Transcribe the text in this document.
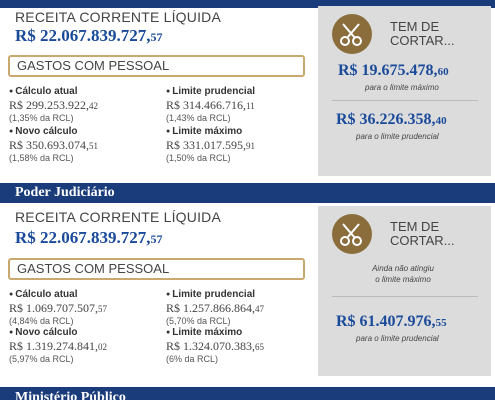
RECEITA CORRENTE LÍQUIDA
R$ 22.067.839.727,57
GASTOS COM PESSOAL
● Cálculo atual
R$ 299.253.922,42
(1,35% da RCL)
● Novo cálculo
R$ 350.693.074,51
(1,58% da RCL)
● Limite prudencial
R$ 314.466.716,11
(1,43% da RCL)
● Limite máximo
R$ 331.017.595,91
(1,50% da RCL)
TEM DE
CORTAR...
R$ 19.675.478,60
para o limite máximo
R$ 36.226.358,40
para o limite prudencial
Poder Judiciário
RECEITA CORRENTE LÍQUIDA
R$ 22.067.839.727,57
GASTOS COM PESSOAL
● Cálculo atual
R$ 1.069.707.507,57
(4,84% da RCL)
● Novo cálculo
R$ 1.319.274.841,02
(5,97% da RCL)
● Limite prudencial
R$ 1.257.866.864,47
(5,70% da RCL)
● Limite máximo
R$ 1.324.070.383,65
(6% da RCL)
TEM DE
CORTAR...
Ainda não atingiu
o limite máximo
R$ 61.407.976,55
para o limite prudencial
Ministério Público
